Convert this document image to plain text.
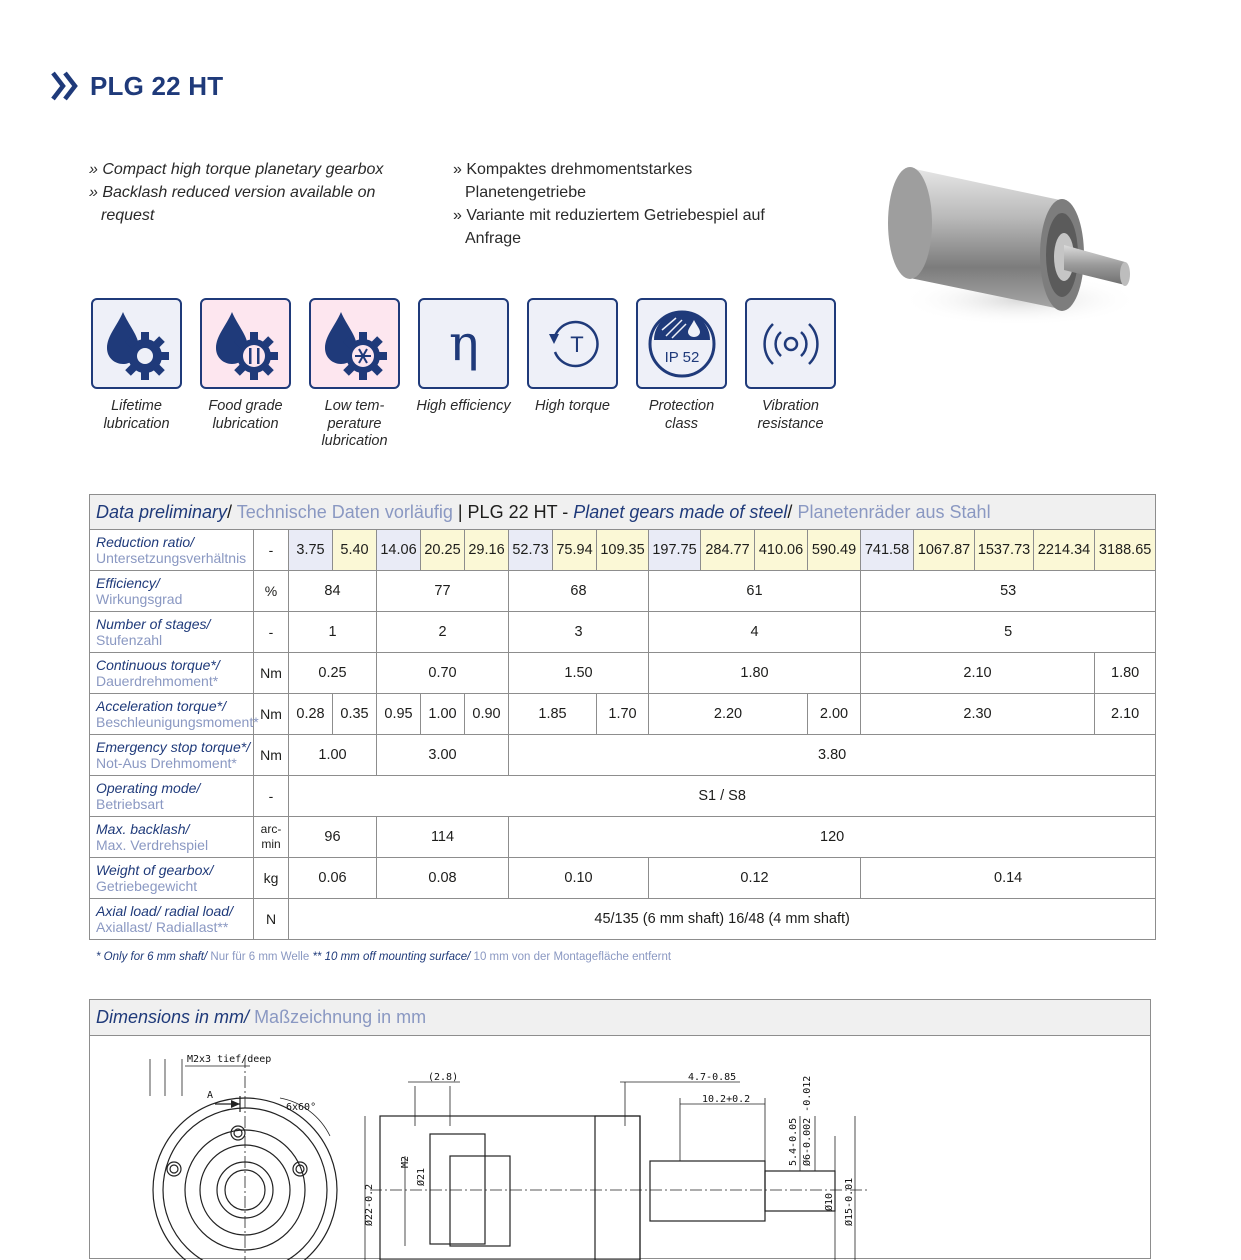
PLG 22 HT
» Compact high torque planetary gearbox
» Backlash reduced version available on request
» Kompaktes drehmomentstarkes Planetengetriebe
» Variante mit reduziertem Getriebespiel auf Anfrage
Lifetime lubrication
Food grade lubrication
Low tem-perature lubrication
η
High efficiency
T
High torque
IP 52
Protection class
Vibration resistance
Data preliminary/ Technische Daten vorläufig | PLG 22 HT - Planet gears made of steel/ Planetenräder aus Stahl																		

Reduction ratio/
Untersetzungsverhältnis	-	3.75	5.40	14.06	20.25	29.16	52.73	75.94	109.35	197.75	284.77	410.06	590.49	741.58	1067.87	1537.73	2214.34	3188.65

Efficiency/
Wirkungsgrad	%	84		77			68			61				53				

Number of stages/
Stufenzahl	-	1		2			3			4				5				

Continuous torque*/
Dauerdrehmoment*	Nm	0.25		0.70			1.50			1.80				2.10				1.80

Acceleration torque*/
Beschleunigungsmoment*	Nm	0.28	0.35	0.95	1.00	0.90	1.85		1.70	2.20			2.00	2.30				2.10

Emergency stop torque*/
Not-Aus Drehmoment*	Nm	1.00		3.00			3.80											

Operating mode/
Betriebsart	-	S1 / S8																

Max. backlash/
Max. Verdrehspiel	arc-min	96		114			120											

Weight of gearbox/
Getriebegewicht	kg	0.06		0.08			0.10			0.12				0.14				

Axial load/ radial load/
Axiallast/ Radiallast**	N	45/135 (6 mm shaft) 16/48 (4 mm shaft)																
* Only for 6 mm shaft/ Nur für 6 mm Welle ** 10 mm off mounting surface/ 10 mm von der Montagefläche entfernt
Dimensions in mm/
Maßzeichnung in mm
M2x3 tief/deep
A
6x60°
(2.8)	4.7-0.85
10.2+0.2
M2
Ø21
Ø22-0.2
5.4-0.05 Ø6-0.002 -0.012
Ø10 Ø15-0.01
